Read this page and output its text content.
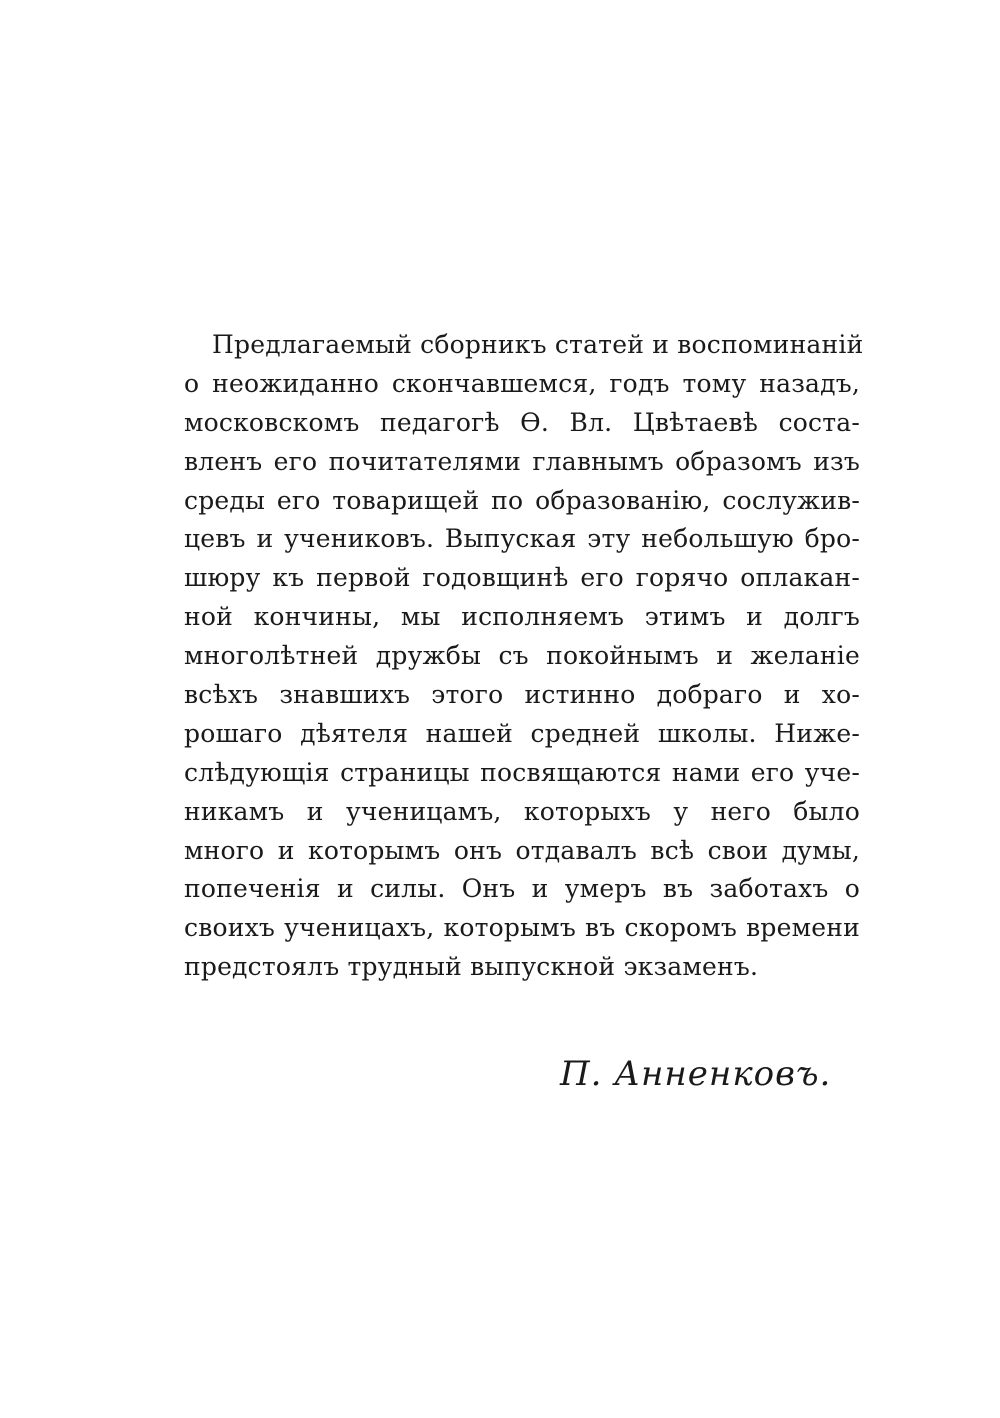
Предлагаемый сборникъ статей и воспоминаній
о неожиданно скончавшемся, годъ тому назадъ,
московскомъ педагогѣ Ѳ. Вл. Цвѣтаевѣ соста-
вленъ его почитателями главнымъ образомъ изъ
среды его товарищей по образованію, сослужив-
цевъ и учениковъ. Выпуская эту небольшую бро-
шюру къ первой годовщинѣ его горячо оплакан-
ной кончины, мы исполняемъ этимъ и долгъ
многолѣтней дружбы съ покойнымъ и желаніе
всѣхъ знавшихъ этого истинно добраго и хо-
рошаго дѣятеля нашей средней школы. Ниже-
слѣдующія страницы посвящаются нами его уче-
никамъ и ученицамъ, которыхъ у него было
много и которымъ онъ отдавалъ всѣ свои думы,
попеченія и силы. Онъ и умеръ въ заботахъ о
своихъ ученицахъ, которымъ въ скоромъ времени
предстоялъ трудный выпускной экзаменъ.
П. Анненковъ.
